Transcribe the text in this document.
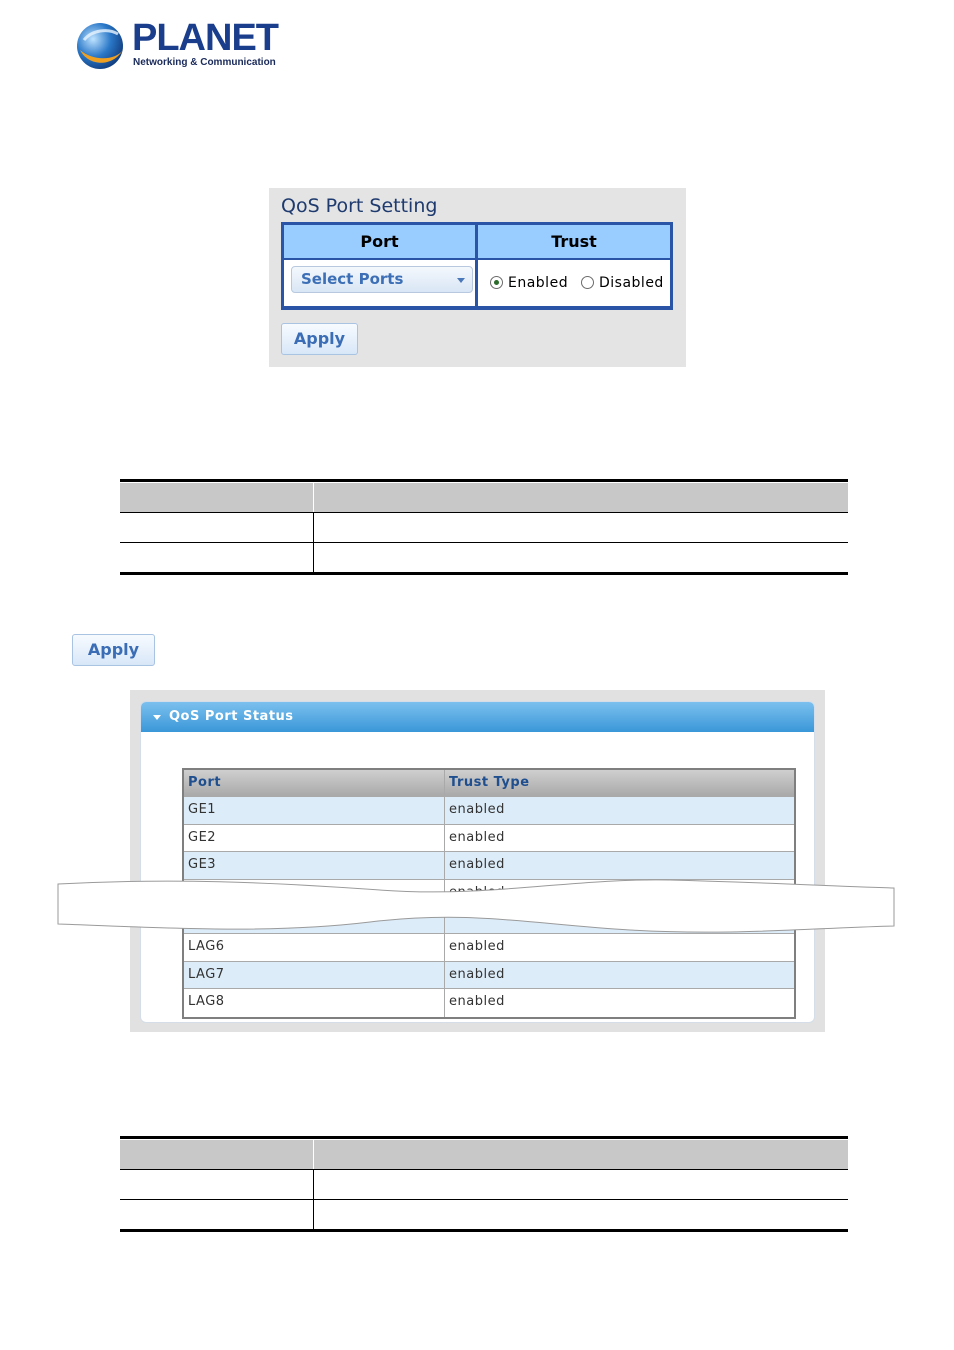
PLANET
Networking & Communication
QoS Port Setting
Port	Trust
Select Ports	Enabled Disabled
Apply
Apply
QoS Port Status
Port	Trust Type
GE1	enabled
GE2	enabled
GE3	enabled
LAG6	enabled
LAG7	enabled
LAG8	enabled
